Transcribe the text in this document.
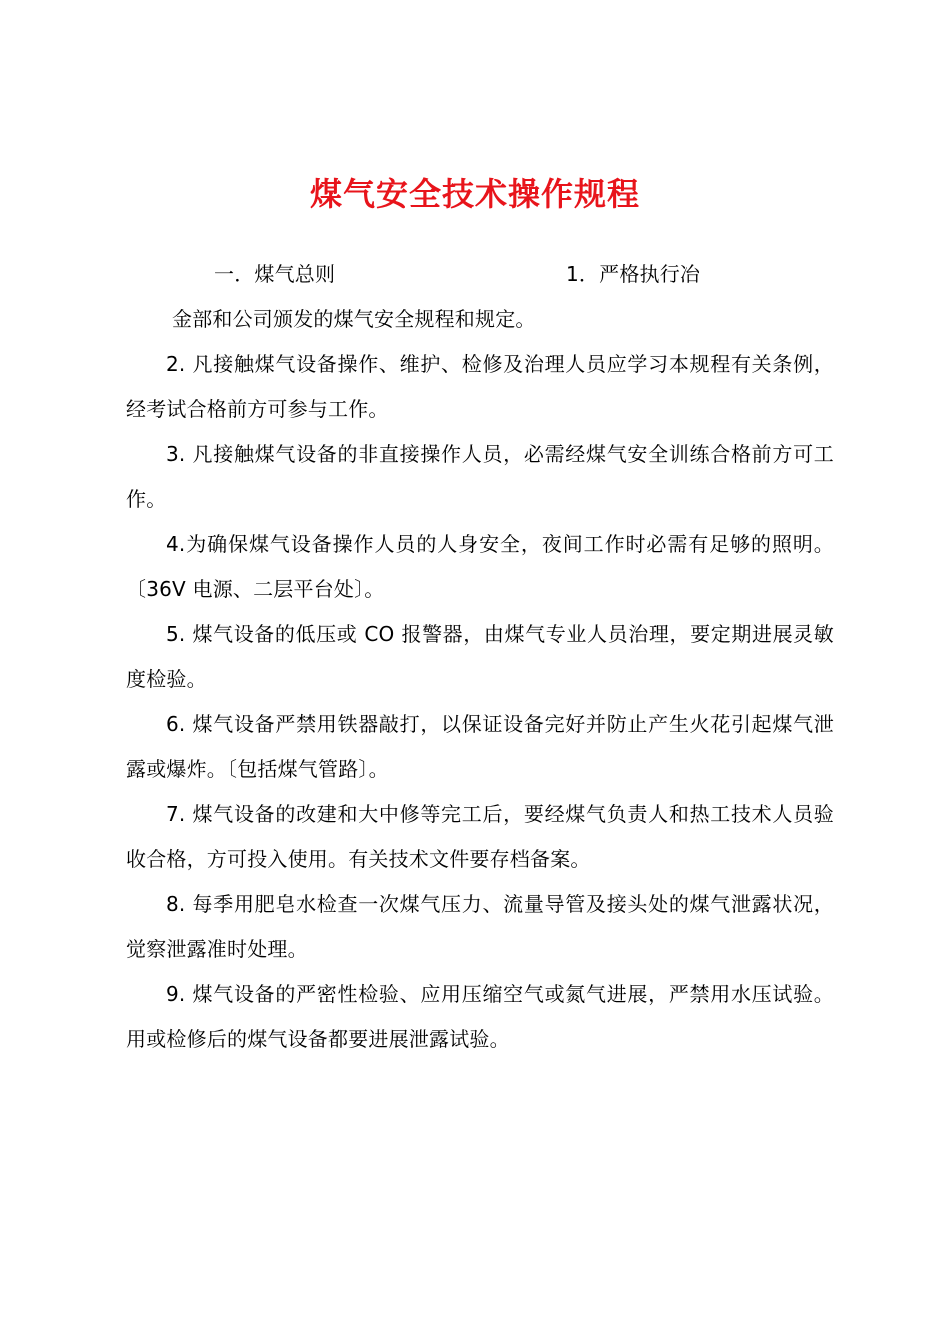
煤气安全技术操作规程
一．煤气总则	1．严格执行冶

金部和公司颁发的煤气安全规程和规定。

2. 凡接触煤气设备操作、维护、检修及治理人员应学习本规程有关条例，经考试合格前方可参与工作。

3. 凡接触煤气设备的非直接操作人员，必需经煤气安全训练合格前方可工作。

4.为确保煤气设备操作人员的人身安全，夜间工作时必需有足够的照明。〔36V 电源、二层平台处〕。

5. 煤气设备的低压或 CO 报警器，由煤气专业人员治理，要定期进展灵敏度检验。

6. 煤气设备严禁用铁器敲打，以保证设备完好并防止产生火花引起煤气泄露或爆炸。〔包括煤气管路〕。

7. 煤气设备的改建和大中修等完工后，要经煤气负责人和热工技术人员验收合格，方可投入使用。有关技术文件要存档备案。

8. 每季用肥皂水检查一次煤气压力、流量导管及接头处的煤气泄露状况，觉察泄露准时处理。

9. 煤气设备的严密性检验、应用压缩空气或氮气进展，严禁用水压试验。用或检修后的煤气设备都要进展泄露试验。
